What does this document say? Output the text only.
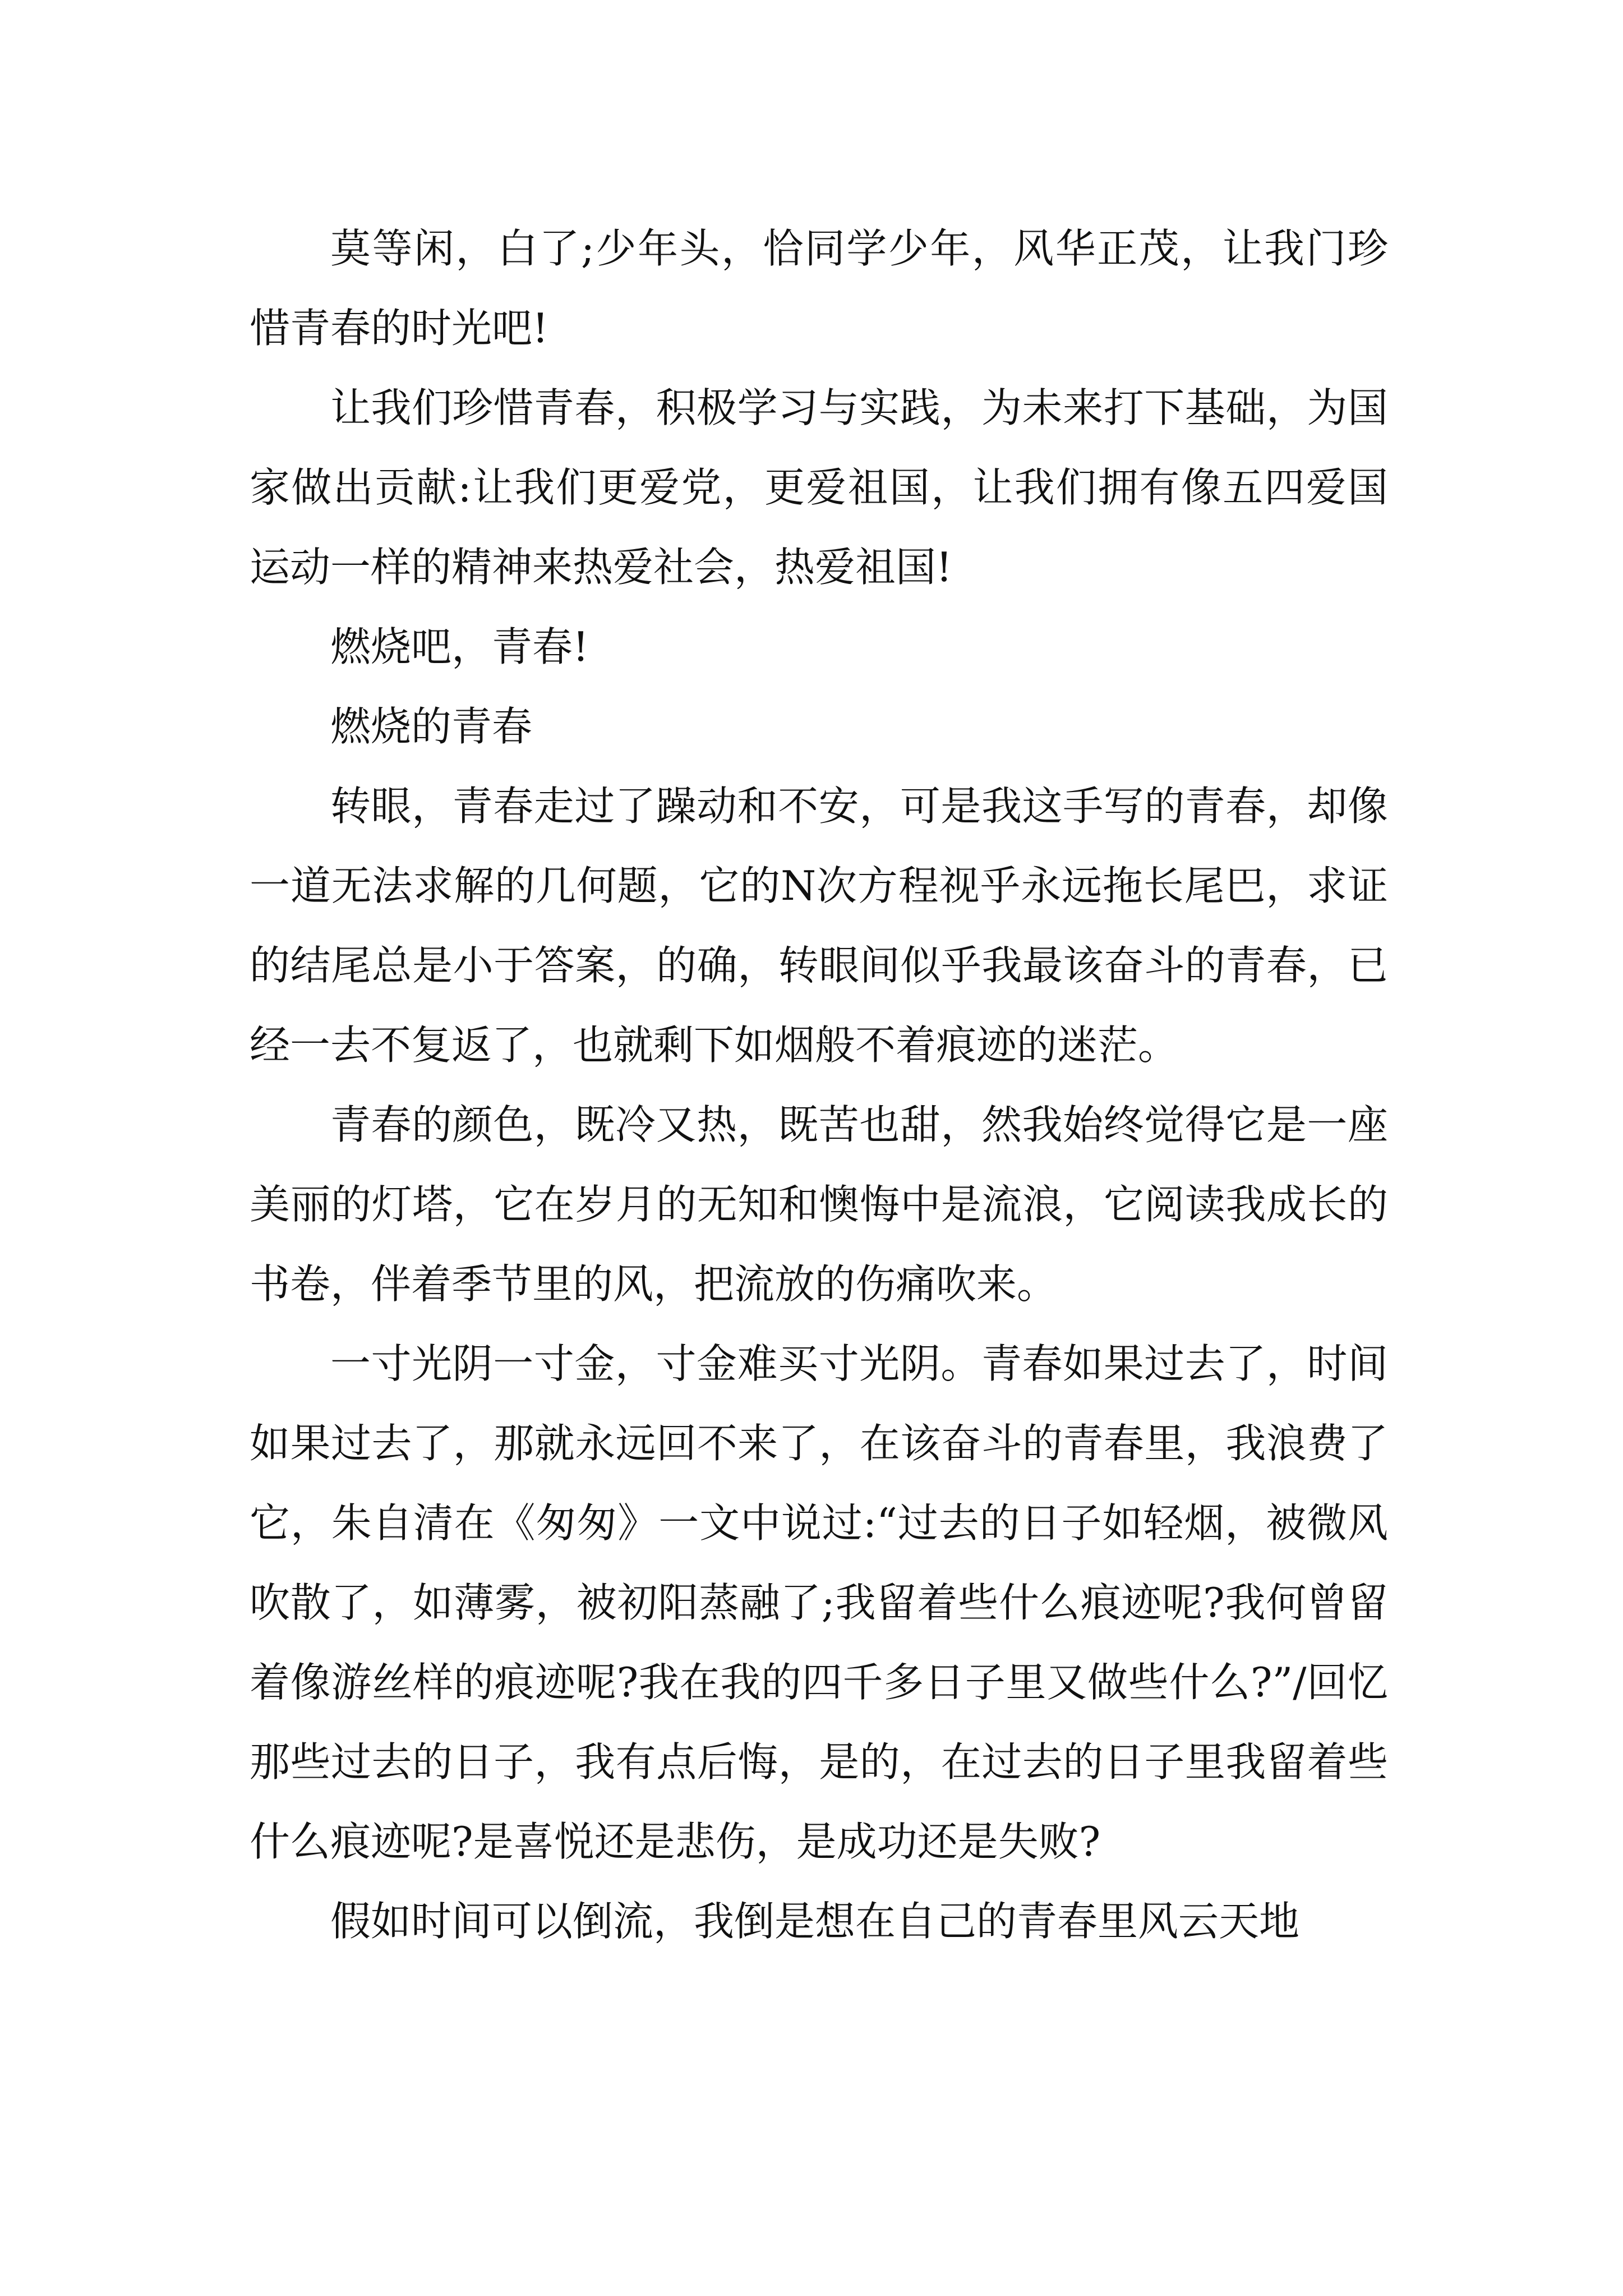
莫等闲，白了;少年头，恰同学少年，风华正茂，让我门珍惜青春的时光吧!

让我们珍惜青春，积极学习与实践，为未来打下基础，为国家做出贡献:让我们更爱党，更爱祖国，让我们拥有像五四爱国运动一样的精神来热爱社会，热爱祖国!

燃烧吧，青春!

燃烧的青春

转眼，青春走过了躁动和不安，可是我这手写的青春，却像一道无法求解的几何题，它的N次方程视乎永远拖长尾巴，求证的结尾总是小于答案，的确，转眼间似乎我最该奋斗的青春，已经一去不复返了，也就剩下如烟般不着痕迹的迷茫。

青春的颜色，既冷又热，既苦也甜，然我始终觉得它是一座美丽的灯塔，它在岁月的无知和懊悔中是流浪，它阅读我成长的书卷，伴着季节里的风，把流放的伤痛吹来。

一寸光阴一寸金，寸金难买寸光阴。青春如果过去了，时间如果过去了，那就永远回不来了，在该奋斗的青春里，我浪费了它，朱自清在《匆匆》一文中说过:“过去的日子如轻烟，被微风吹散了，如薄雾，被初阳蒸融了;我留着些什么痕迹呢?我何曾留着像游丝样的痕迹呢?我在我的四千多日子里又做些什么?”/回忆那些过去的日子，我有点后悔，是的，在过去的日子里我留着些什么痕迹呢?是喜悦还是悲伤，是成功还是失败?

假如时间可以倒流，我倒是想在自己的青春里风云天地
